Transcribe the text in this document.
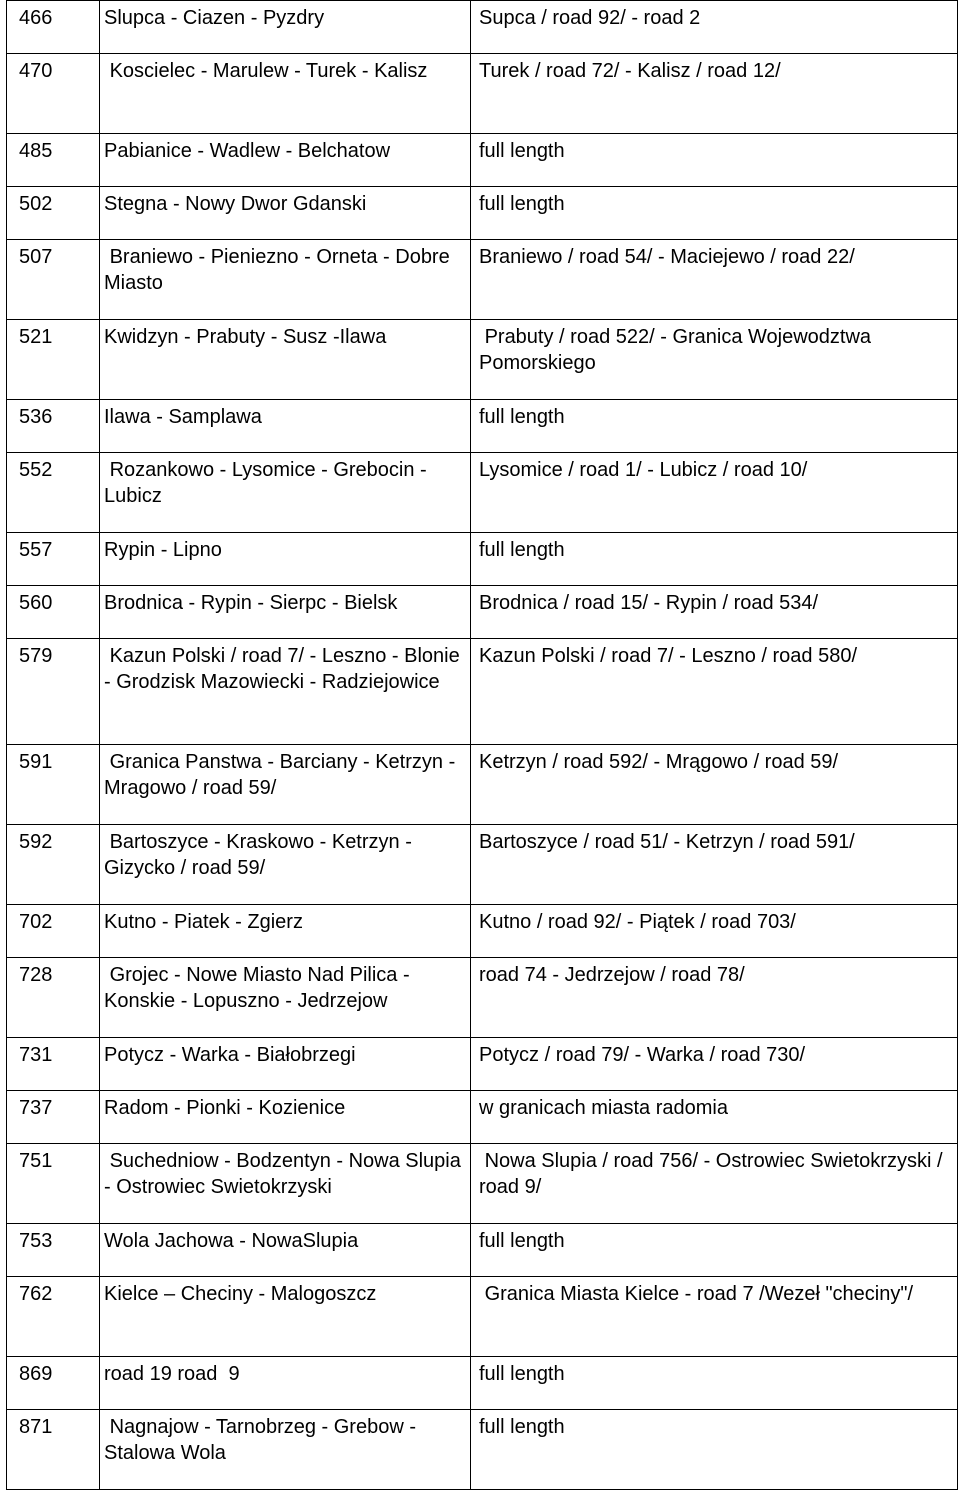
466	Slupca - Ciazen - Pyzdry	Supca / road 92/ - road 2
470	Koscielec - Marulew - Turek - Kalisz	Turek / road 72/ - Kalisz / road 12/
485	Pabianice - Wadlew - Belchatow	full length
502	Stegna - Nowy Dwor Gdanski	full length
507	Braniewo - Pieniezno - Orneta - Dobre Miasto	Braniewo / road 54/ - Maciejewo / road 22/
521	Kwidzyn - Prabuty - Susz -Ilawa	Prabuty / road 522/ - Granica Wojewodztwa Pomorskiego
536	Ilawa - Samplawa	full length
552	Rozankowo - Lysomice - Grebocin - Lubicz	Lysomice / road 1/ - Lubicz / road 10/
557	Rypin - Lipno	full length
560	Brodnica - Rypin - Sierpc - Bielsk	Brodnica / road 15/ - Rypin / road 534/
579	Kazun Polski / road 7/ - Leszno - Blonie - Grodzisk Mazowiecki - Radziejowice	Kazun Polski / road 7/ - Leszno / road 580/
591	Granica Panstwa - Barciany - Ketrzyn - Mragowo / road 59/	Ketrzyn / road 592/ - Mrągowo / road 59/
592	Bartoszyce - Kraskowo - Ketrzyn - Gizycko / road 59/	Bartoszyce / road 51/ - Ketrzyn / road 591/
702	Kutno - Piatek - Zgierz	Kutno / road 92/ - Piątek / road 703/
728	Grojec - Nowe Miasto Nad Pilica - Konskie - Lopuszno - Jedrzejow	road 74 - Jedrzejow / road 78/
731	Potycz - Warka - Białobrzegi	Potycz / road 79/ - Warka / road 730/
737	Radom - Pionki - Kozienice	w granicach miasta radomia
751	Suchedniow - Bodzentyn - Nowa Slupia - Ostrowiec Swietokrzyski	Nowa Slupia / road 756/ - Ostrowiec Swietokrzyski / road 9/
753	Wola Jachowa - NowaSlupia	full length
762	Kielce – Checiny - Malogoszcz	Granica Miasta Kielce - road 7 /Wezeł "checiny"/
869	road 19 road  9	full length
871	Nagnajow - Tarnobrzeg - Grebow - Stalowa Wola	full length
